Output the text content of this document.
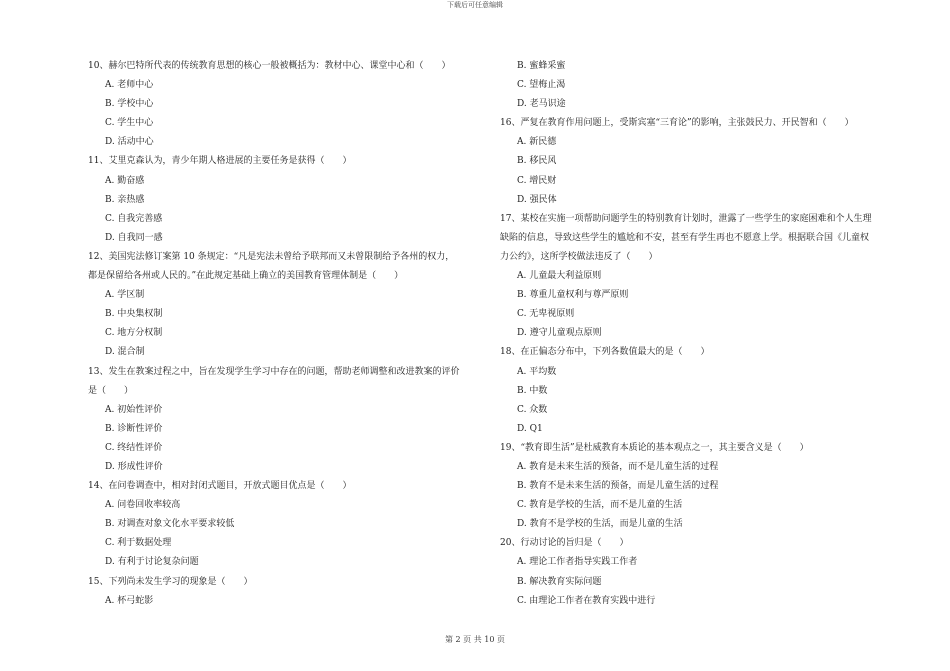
下载后可任意编辑
10、赫尔巴特所代表的传统教育思想的核心一般被概括为：教材中心、课堂中心和（　　）
A. 老师中心
B. 学校中心
C. 学生中心
D. 活动中心
11、艾里克森认为，青少年期人格进展的主要任务是获得（　　）
A. 勤奋感
B. 亲热感
C. 自我完善感
D. 自我同一感
12、美国宪法修订案第 10 条规定：“凡是宪法未曾给予联邦而又未曾限制给予各州的权力，
都是保留给各州或人民的。”在此规定基础上确立的美国教育管理体制是（　　）
A. 学区制
B. 中央集权制
C. 地方分权制
D. 混合制
13、发生在教案过程之中，旨在发现学生学习中存在的问题，帮助老师调整和改进教案的评价
是（　　）
A. 初始性评价
B. 诊断性评价
C. 终结性评价
D. 形成性评价
14、在问卷调查中，相对封闭式题目，开放式题目优点是（　　）
A. 问卷回收率较高
B. 对调查对象文化水平要求较低
C. 利于数据处理
D. 有利于讨论复杂问题
15、下列尚未发生学习的现象是（　　）
A. 杯弓蛇影
B. 蜜蜂采蜜
C. 望梅止渴
D. 老马识途
16、严复在教育作用问题上，受斯宾塞“三育论”的影响，主张鼓民力、开民智和（　　）
A. 新民德
B. 移民风
C. 增民财
D. 强民体
17、某校在实施一项帮助问题学生的特别教育计划时，泄露了一些学生的家庭困难和个人生理
缺陷的信息，导致这些学生的尴尬和不安，甚至有学生再也不愿意上学。根据联合国《儿童权
力公约》，这所学校做法违反了（　　）
A. 儿童最大利益原则
B. 尊重儿童权利与尊严原则
C. 无卑视原则
D. 遵守儿童观点原则
18、在正偏态分布中，下列各数值最大的是（　　）
A. 平均数
B. 中数
C. 众数
D. Q1
19、“教育即生活”是杜威教育本质论的基本观点之一，其主要含义是（　　）
A. 教育是未来生活的预备，而不是儿童生活的过程
B. 教育不是未来生活的预备，而是儿童生活的过程
C. 教育是学校的生活，而不是儿童的生活
D. 教育不是学校的生活，而是儿童的生活
20、行动讨论的旨归是（　　）
A. 理论工作者指导实践工作者
B. 解决教育实际问题
C. 由理论工作者在教育实践中进行
第 2 页 共 10 页
